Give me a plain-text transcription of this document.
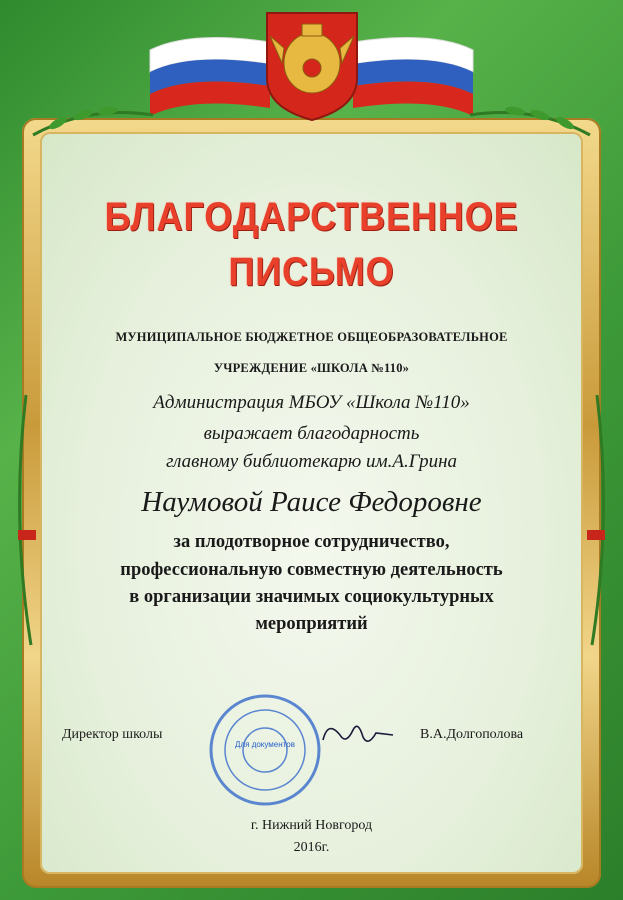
БЛАГОДАРСТВЕННОЕ
ПИСЬМО
МУНИЦИПАЛЬНОЕ БЮДЖЕТНОЕ ОБЩЕОБРАЗОВАТЕЛЬНОЕ
УЧРЕЖДЕНИЕ «ШКОЛА №110»
Администрация МБОУ «Школа №110»
выражает благодарность
главному библиотекарю им.А.Грина
Наумовой Раисе Федоровне
за плодотворное сотрудничество,
профессиональную совместную деятельность
в организации значимых социокультурных
мероприятий
Директор школы	В.А.Долгополова
Для документов
г. Нижний Новгород
2016г.
